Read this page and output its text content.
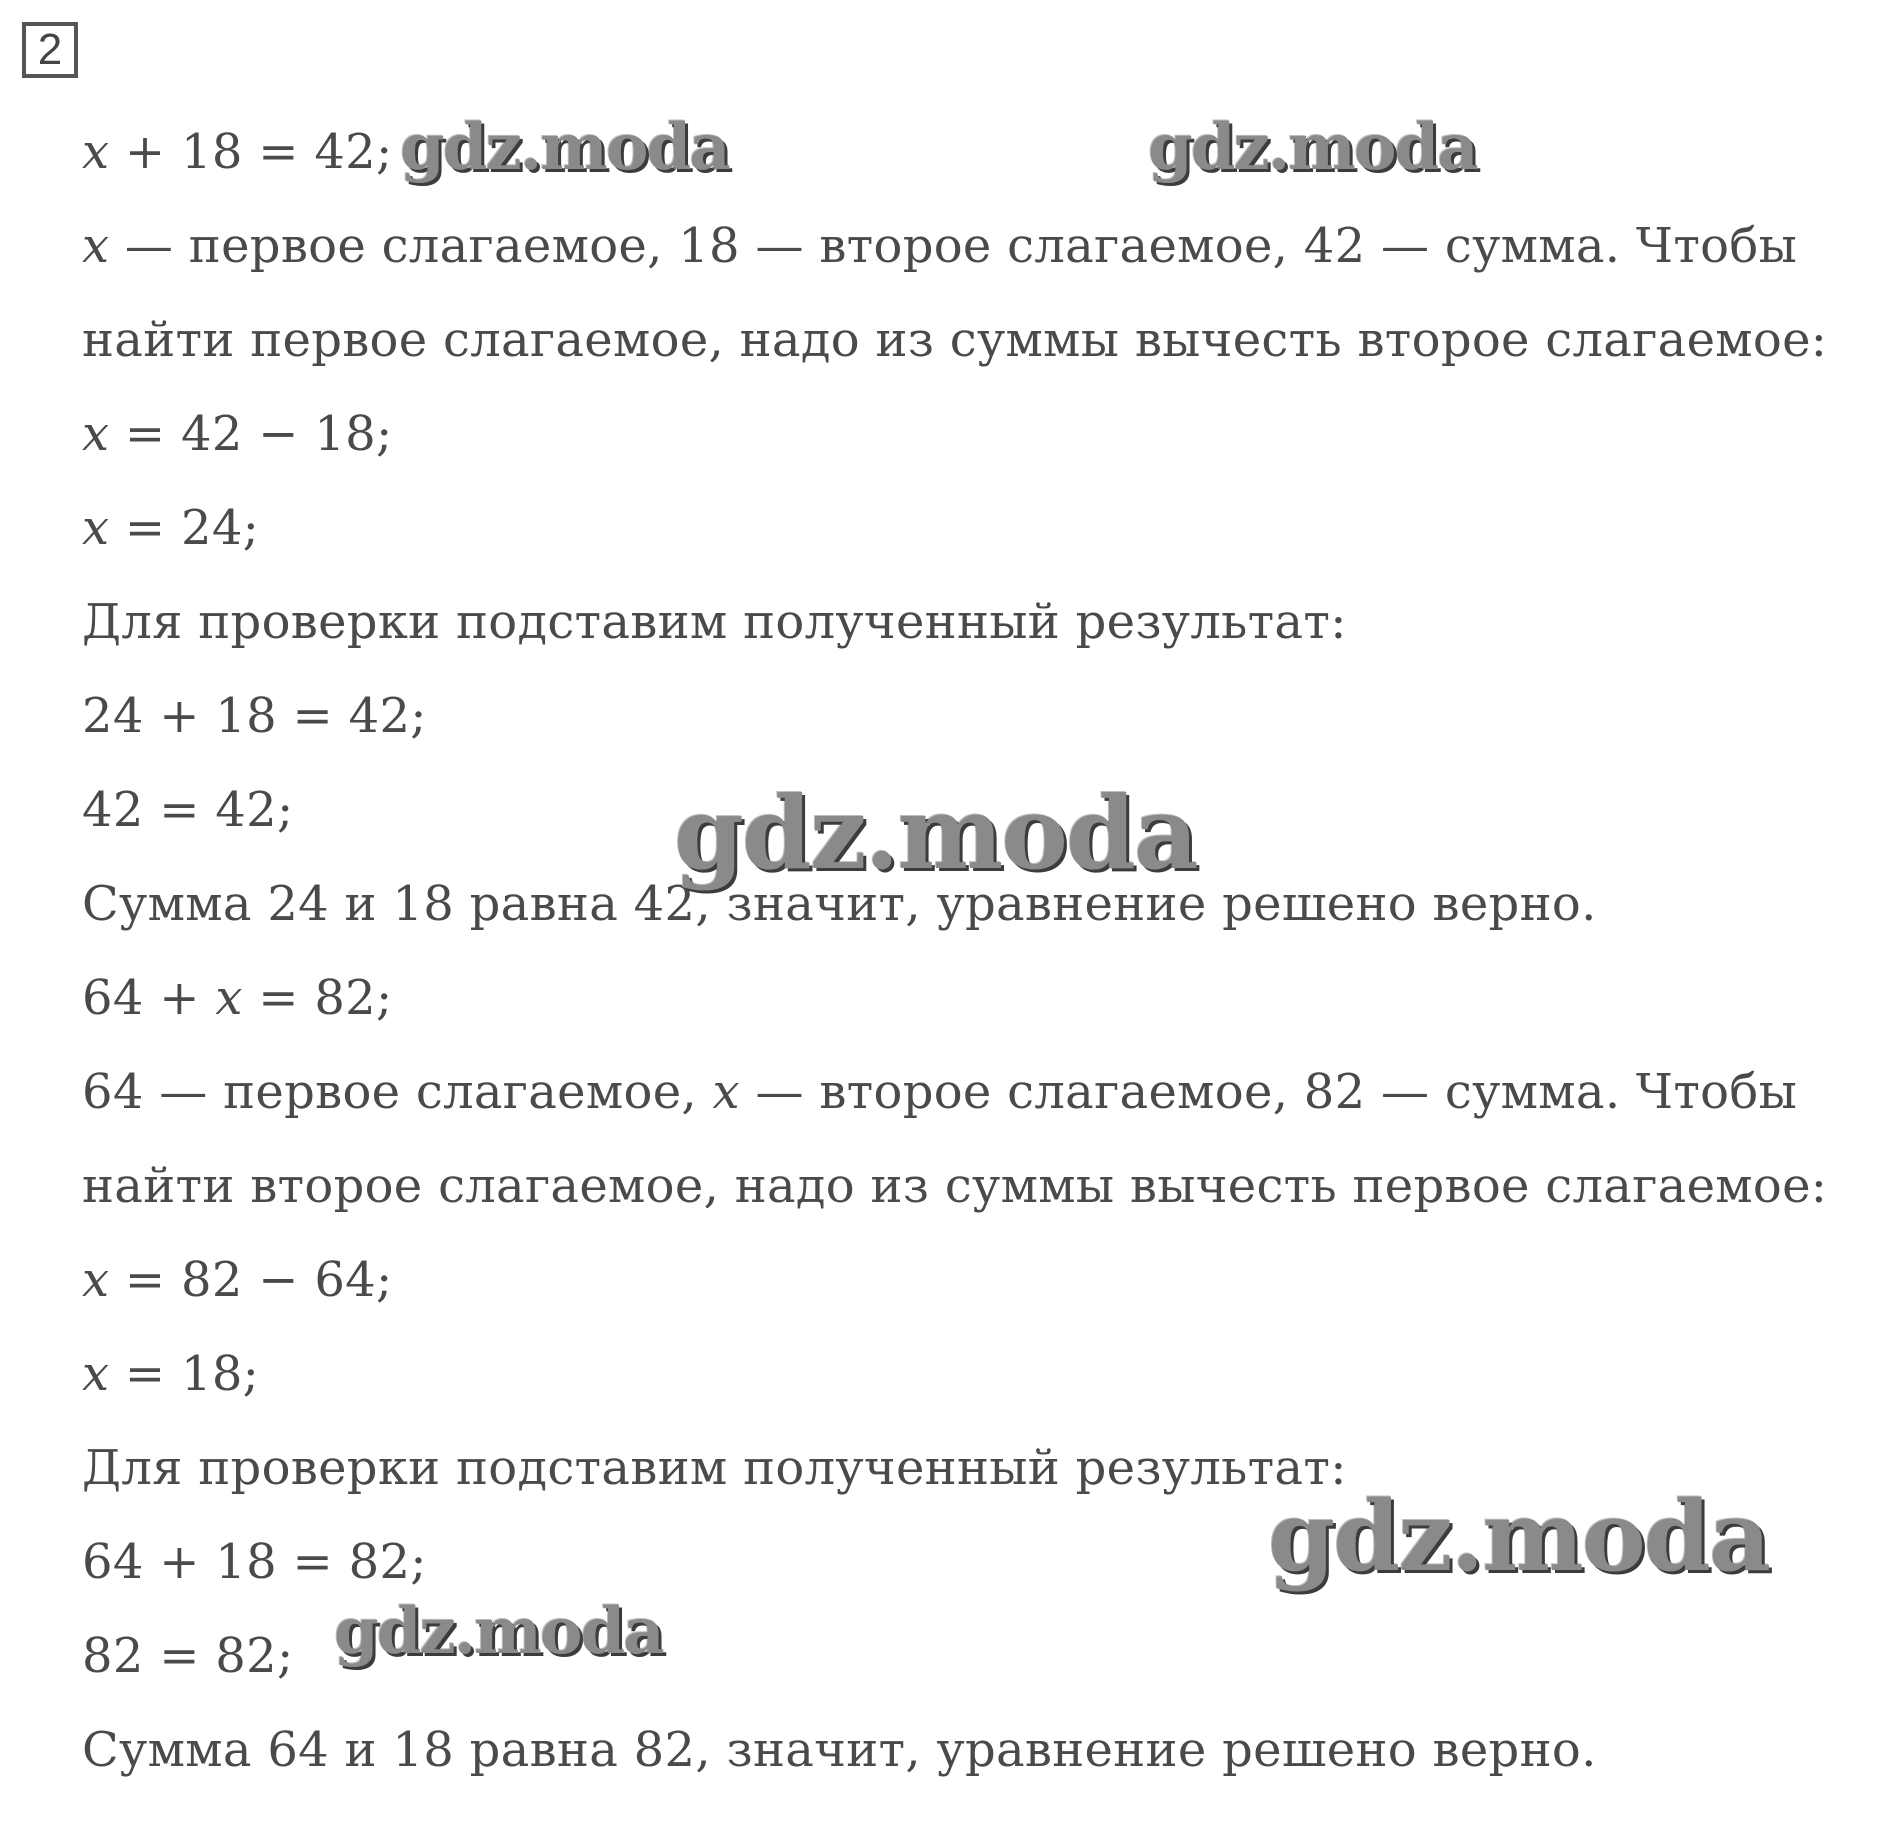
2
x + 18 = 42;
x — первое слагаемое, 18 — второе слагаемое, 42 — сумма. Чтобы
найти первое слагаемое, надо из суммы вычесть второе слагаемое:
x = 42 − 18;
x = 24;
Для проверки подставим полученный результат:
24 + 18 = 42;
42 = 42;
Сумма 24 и 18 равна 42, значит, уравнение решено верно.
64 + x = 82;
64 — первое слагаемое, x — второе слагаемое, 82 — сумма. Чтобы
найти второе слагаемое, надо из суммы вычесть первое слагаемое:
x = 82 − 64;
x = 18;
Для проверки подставим полученный результат:
64 + 18 = 82;
82 = 82;
Сумма 64 и 18 равна 82, значит, уравнение решено верно.
gdz.moda	gdz.moda
gdz.moda
gdz.moda
gdz.moda
